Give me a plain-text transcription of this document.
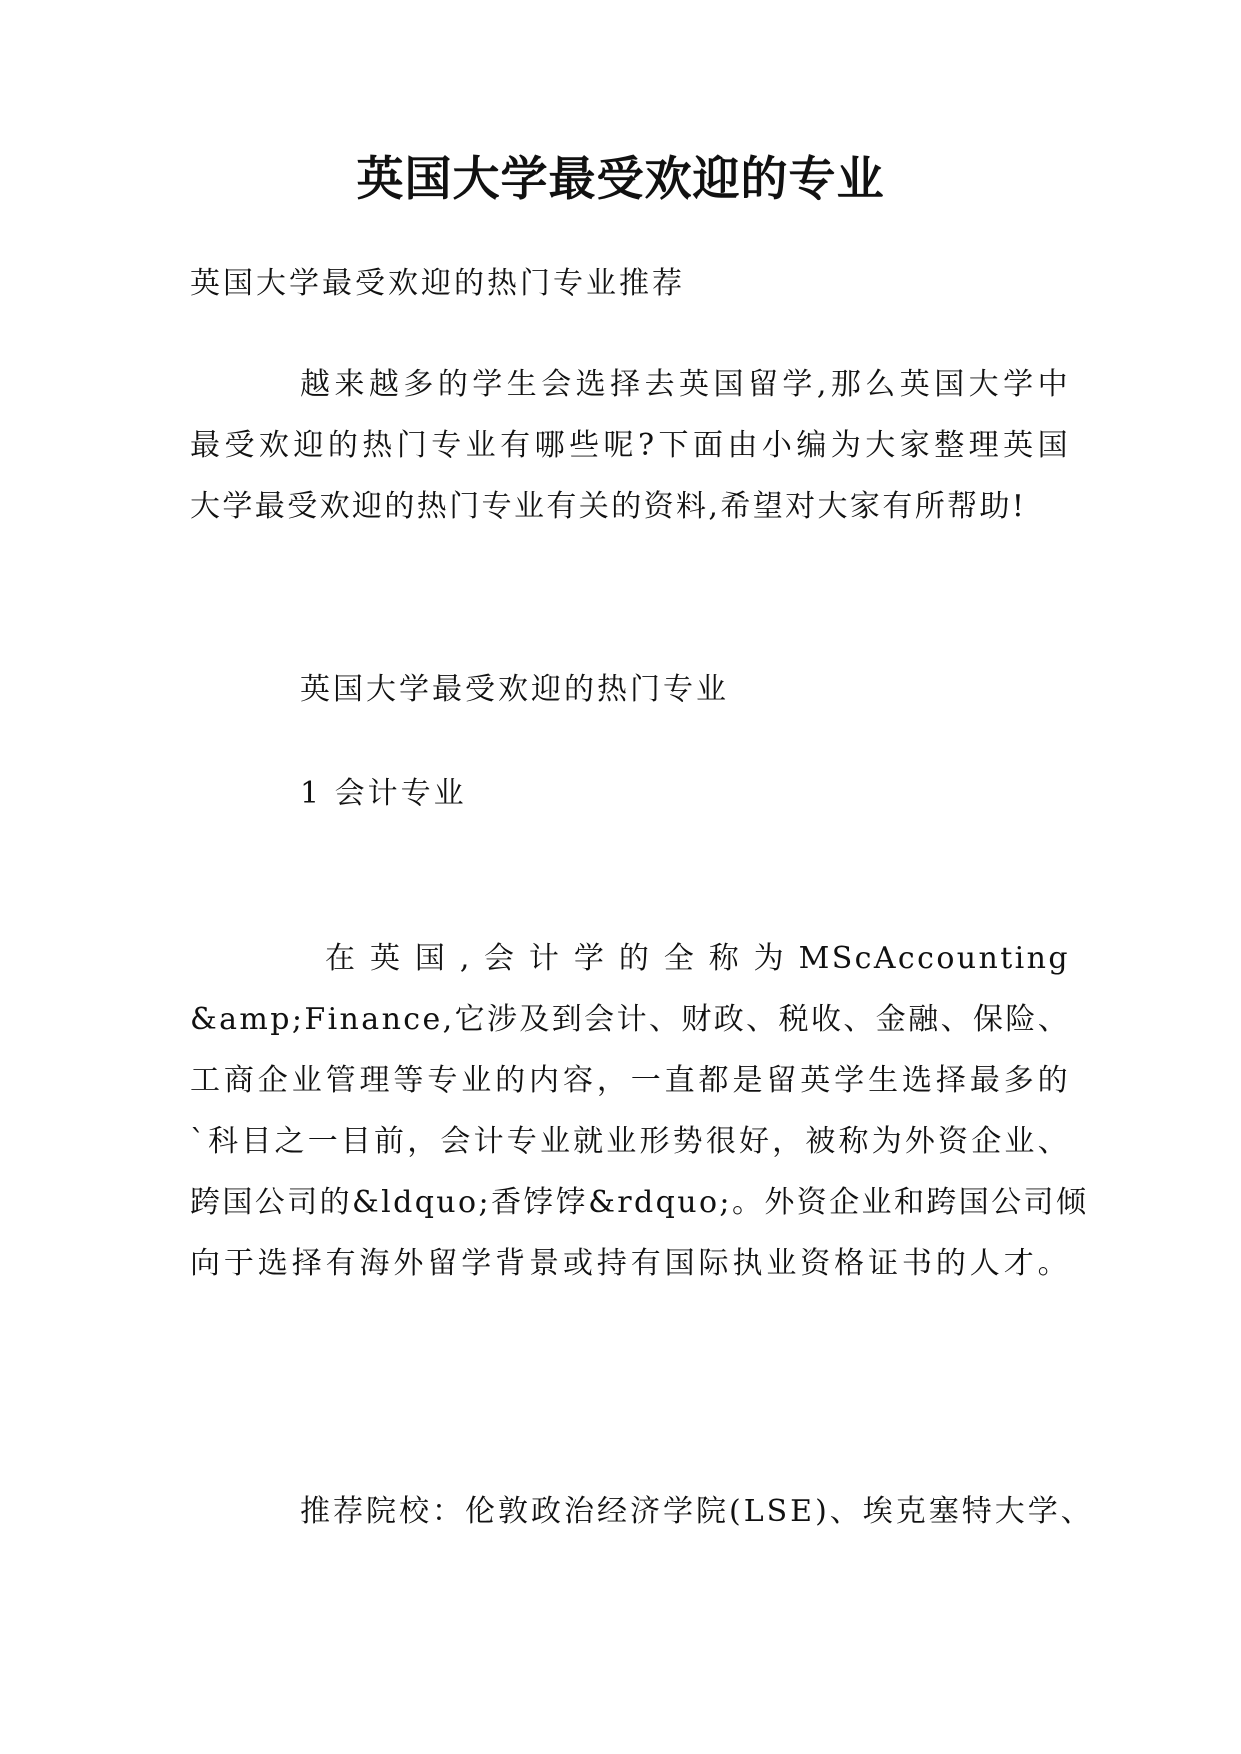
英国大学最受欢迎的专业
英国大学最受欢迎的热门专业推荐
越来越多的学生会选择去英国留学,那么英国大学中
最受欢迎的热门专业有哪些呢?下面由小编为大家整理英国
大学最受欢迎的热门专业有关的资料,希望对大家有所帮助!
英国大学最受欢迎的热门专业
1 会计专业
在 英 国 , 会 计 学 的 全 称 为 MScAccounting
&amp;Finance,它涉及到会计、财政、税收、金融、保险、
工商企业管理等专业的内容，一直都是留英学生选择最多的
`科目之一目前，会计专业就业形势很好，被称为外资企业、
跨国公司的&ldquo;香饽饽&rdquo;。外资企业和跨国公司倾
向于选择有海外留学背景或持有国际执业资格证书的人才。
推荐院校：伦敦政治经济学院(LSE)、埃克塞特大学、
